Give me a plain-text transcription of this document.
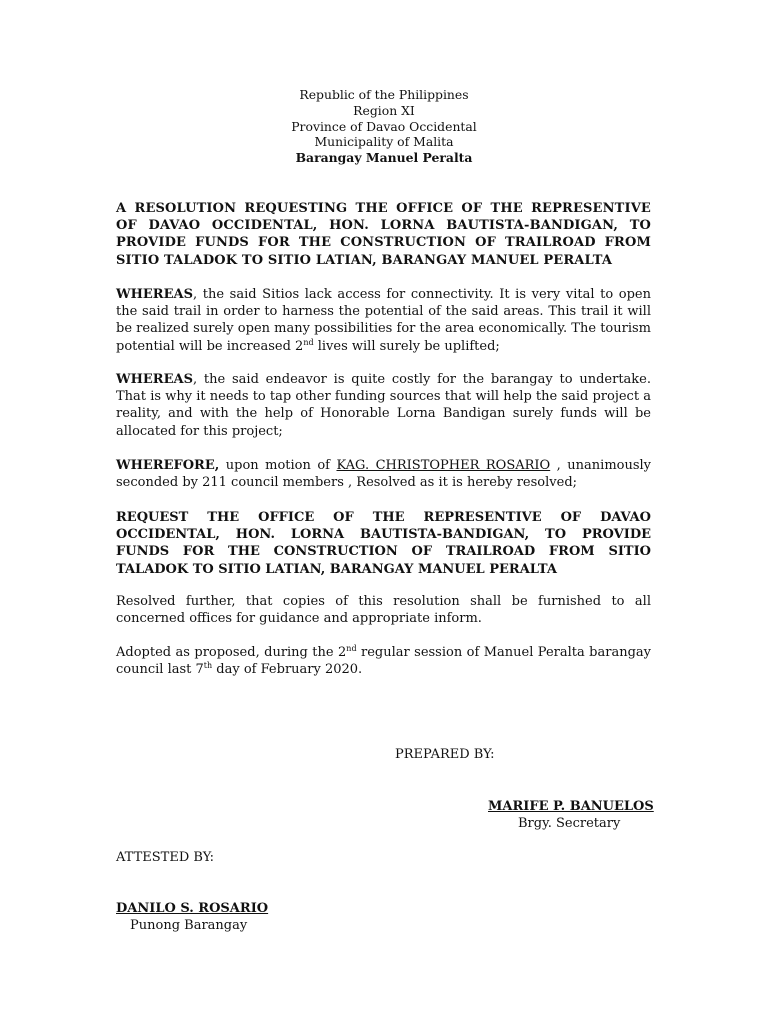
Republic of the Philippines
Region XI
Province of Davao Occidental
Municipality of Malita
Barangay Manuel Peralta
A RESOLUTION REQUESTING THE OFFICE OF THE REPRESENTIVE OF DAVAO OCCIDENTAL, HON. LORNA BAUTISTA-BANDIGAN, TO PROVIDE FUNDS FOR THE CONSTRUCTION OF TRAILROAD FROM SITIO TALADOK TO SITIO LATIAN, BARANGAY MANUEL PERALTA
WHEREAS, the said Sitios lack access for connectivity. It is very vital to open the said trail in order to harness the potential of the said areas. This trail it will be realized surely open many possibilities for the area economically. The tourism potential will be increased 2nd lives will surely be uplifted;
WHEREAS, the said endeavor is quite costly for the barangay to undertake. That is why it needs to tap other funding sources that will help the said project a reality, and with the help of Honorable Lorna Bandigan surely funds will be allocated for this project;
WHEREFORE, upon motion of KAG. CHRISTOPHER ROSARIO , unanimously seconded by 211 council members , Resolved as it is hereby resolved;
REQUEST THE OFFICE OF THE REPRESENTIVE OF DAVAO OCCIDENTAL, HON. LORNA BAUTISTA-BANDIGAN, TO PROVIDE FUNDS FOR THE CONSTRUCTION OF TRAILROAD FROM SITIO TALADOK TO SITIO LATIAN, BARANGAY MANUEL PERALTA
Resolved further, that copies of this resolution shall be furnished to all concerned offices for guidance and appropriate inform.
Adopted as proposed, during the 2nd regular session of Manuel Peralta barangay council last 7th day of February 2020.
PREPARED BY:
MARIFE P. BANUELOS
Brgy. Secretary
ATTESTED BY:
DANILO S. ROSARIO
Punong Barangay
